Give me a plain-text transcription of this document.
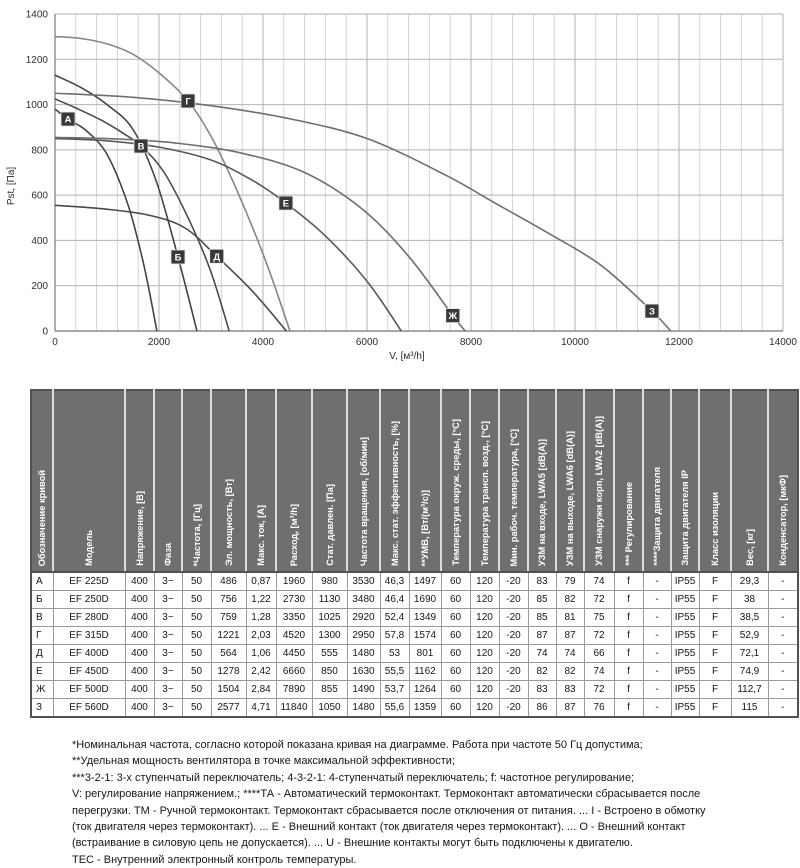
А
Б
В
Г
Д
Е
Ж	З
0	2000	4000	6000	8000	10000	12000	14000
0
200
400
600
800
1000
1200
1400
V, [м³/h]
Pst, [Па]
Обозначение кривой	Модель	Напряжение, [В]	Фаза	*Частота, [Гц]	Эл. мощность, [Вт]	Макс. ток, [А]	Расход, [м³/h]	Стат. давлен. [Па]	Частота вращения, [об/мин]	Макс. стат. эффективность, [%]	**УМВ, [Вт/(м³/с)]	Температура окруж. среды, [°C]	Температура трансп. возд., [°C]	Мин. рабоч. температура, [°C]	УЗМ на входе, LWA5 [dB(A)]	УЗМ на выходе, LWA6 [dB(A)]	УЗМ снаружи корп, LWA2 [dB(A)]	*** Регулирование	****Защита двигателя	Защита двигателя IP	Класс изоляции	Вес, [кг]	Конденсатор, [мкФ]

А	EF 225D	400	3~	50	486	0,87	1960	980	3530	46,3	1497	60	120	-20	83	79	74	f	-	IP55	F	29,3	-
Б	EF 250D	400	3~	50	756	1,22	2730	1130	3480	46,4	1690	60	120	-20	85	82	72	f	-	IP55	F	38	-
В	EF 280D	400	3~	50	759	1,28	3350	1025	2920	52,4	1349	60	120	-20	85	81	75	f	-	IP55	F	38,5	-
Г	EF 315D	400	3~	50	1221	2,03	4520	1300	2950	57,8	1574	60	120	-20	87	87	72	f	-	IP55	F	52,9	-
Д	EF 400D	400	3~	50	564	1,06	4450	555	1480	53	801	60	120	-20	74	74	66	f	-	IP55	F	72,1	-
Е	EF 450D	400	3~	50	1278	2,42	6660	850	1630	55,5	1162	60	120	-20	82	82	74	f	-	IP55	F	74,9	-
Ж	EF 500D	400	3~	50	1504	2,84	7890	855	1490	53,7	1264	60	120	-20	83	83	72	f	-	IP55	F	112,7	-
З	EF 560D	400	3~	50	2577	4,71	11840	1050	1480	55,6	1359	60	120	-20	86	87	76	f	-	IP55	F	115	-

*Номинальная частота, согласно которой показана кривая на диаграмме. Работа при частоте 50 Гц допустима;

**Удельная мощность вентилятора в точке максимальной эффективности;

***3-2-1: 3-х ступенчатый переключатель; 4-3-2-1: 4-ступенчатый переключатель; f: частотное регулирование;

V: регулирование напряжением.; ****ТА - Автоматический термоконтакт. Термоконтакт автоматически сбрасывается после

перегрузки. ТМ - Ручной термоконтакт. Термоконтакт сбрасывается после отключения от питания. ... I - Встроено в обмотку

(ток двигателя через термоконтакт). ... Е - Внешний контакт (ток двигателя через термоконтакт). ... О - Внешний контакт

(встраивание в силовую цепь не допускается). ... U - Внешние контакты могут быть подключены к двигателю.

ТЕС - Внутренний электронный контроль температуры.
